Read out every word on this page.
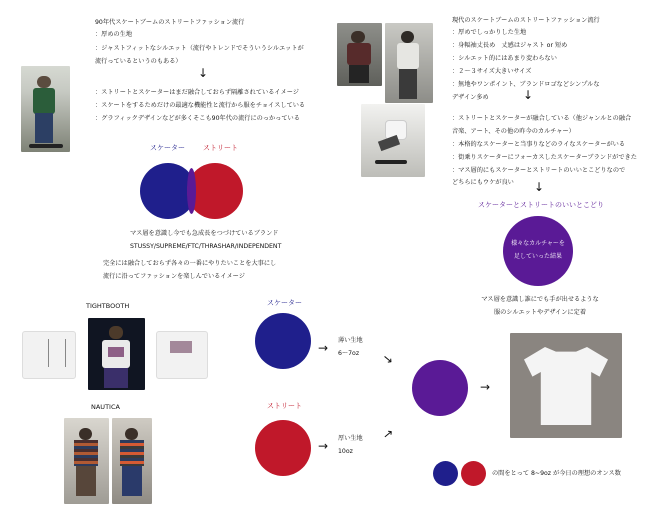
90年代スケートブームのストリートファッション流行
：厚めの生地
：ジャストフィットなシルエット（流行やトレンドでそういうシルエットが
流行っているというのもある）
↓
：ストリートとスケーターはまだ融合しておらず隔離されているイメージ
：スケートをするためだけの最適な機能性と流行から服をチョイスしている
：グラフィックデザインなどが多くそこも90年代の流行にのっかっている
スケーター	ストリート
マス層を意識し今でも急成長をつづけているブランド
STUSSY/SUPREME/FTC/THRASHAR/INDEPENDENT
完全には融合しておらず各々の一番にやりたいことを大事にし
流行に沿ってファッションを楽しんでいるイメージ
現代のスケートブームのストリートファッション流行
：厚めでしっかりした生地
：身幅袖丈長め　丈感はジャスト or 短め
：シルエット的にはあまり変わらない
：２〜３サイズ大きいサイズ
：無地やワンポイント、ブランドロゴなどシンプルな
デザイン多め	↓
：ストリートとスケーターが融合している（他ジャンルとの融合
音楽、アート、その他の昨今のカルチャー）
：本格的なスケーターと当事りなどのライなスケーターがいる
：街乗りスケーターにフォーカスしたスケーターブランドができた
：マス層的にもスケーターとストリートのいいとこどりなので
どちらにもウケが良い ↓
スケーターとストリートのいいとこどり
様々なカルチャーを
足していった結果
マス層を意識し誰にでも手が出せるような
服のシルエットやデザインに定着
TIGHTBOOTH
NAUTICA
スケーター
→
薄い生地
6〜7oz
ストリート
→
厚い生地
10oz
→
→
→
の間をとって 8~9oz が今日の理想のオンス数
